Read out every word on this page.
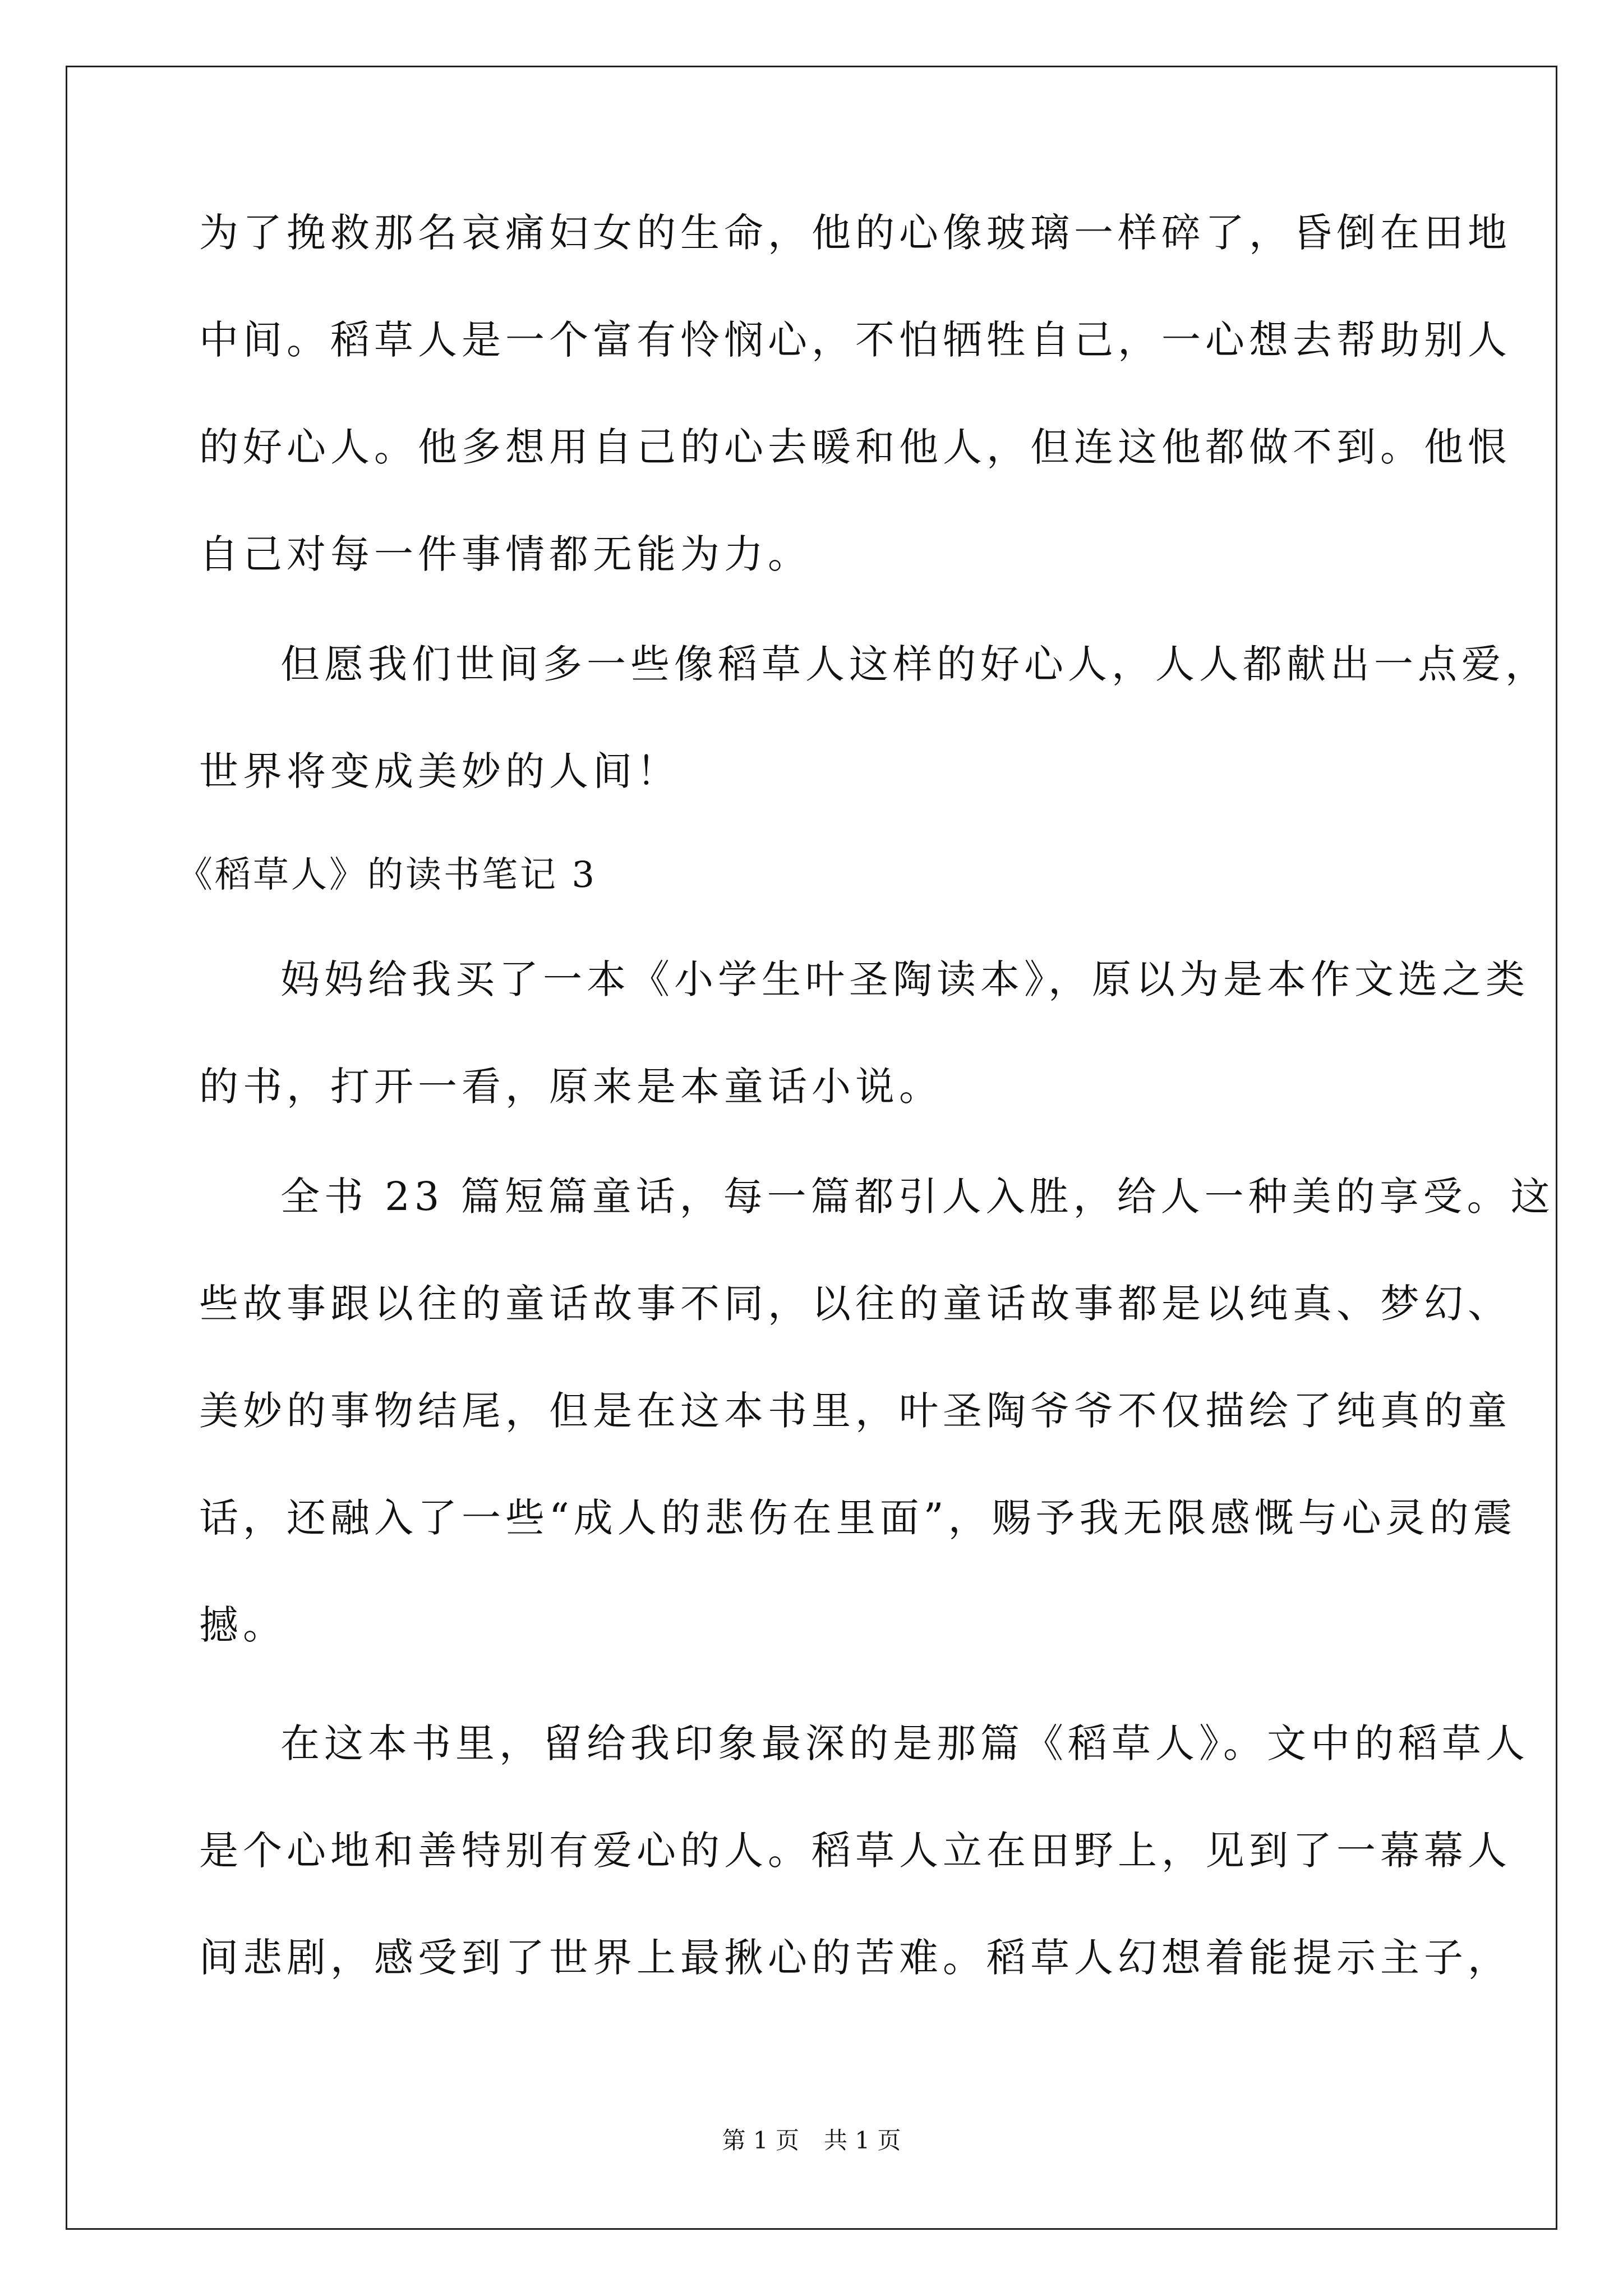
为了挽救那名哀痛妇女的生命，他的心像玻璃一样碎了，昏倒在田地
中间。稻草人是一个富有怜悯心，不怕牺牲自己，一心想去帮助别人
的好心人。他多想用自己的心去暖和他人，但连这他都做不到。他恨
自己对每一件事情都无能为力。
但愿我们世间多一些像稻草人这样的好心人，人人都献出一点爱，
世界将变成美妙的人间！
《稻草人》的读书笔记 3
妈妈给我买了一本《小学生叶圣陶读本》，原以为是本作文选之类
的书，打开一看，原来是本童话小说。
全书 23 篇短篇童话，每一篇都引人入胜，给人一种美的享受。这
些故事跟以往的童话故事不同，以往的童话故事都是以纯真、梦幻、
美妙的事物结尾，但是在这本书里，叶圣陶爷爷不仅描绘了纯真的童
话，还融入了一些“成人的悲伤在里面”，赐予我无限感慨与心灵的震
撼。
在这本书里，留给我印象最深的是那篇《稻草人》。文中的稻草人
是个心地和善特别有爱心的人。稻草人立在田野上，见到了一幕幕人
间悲剧，感受到了世界上最揪心的苦难。稻草人幻想着能提示主子，
第 1 页 共 1 页
